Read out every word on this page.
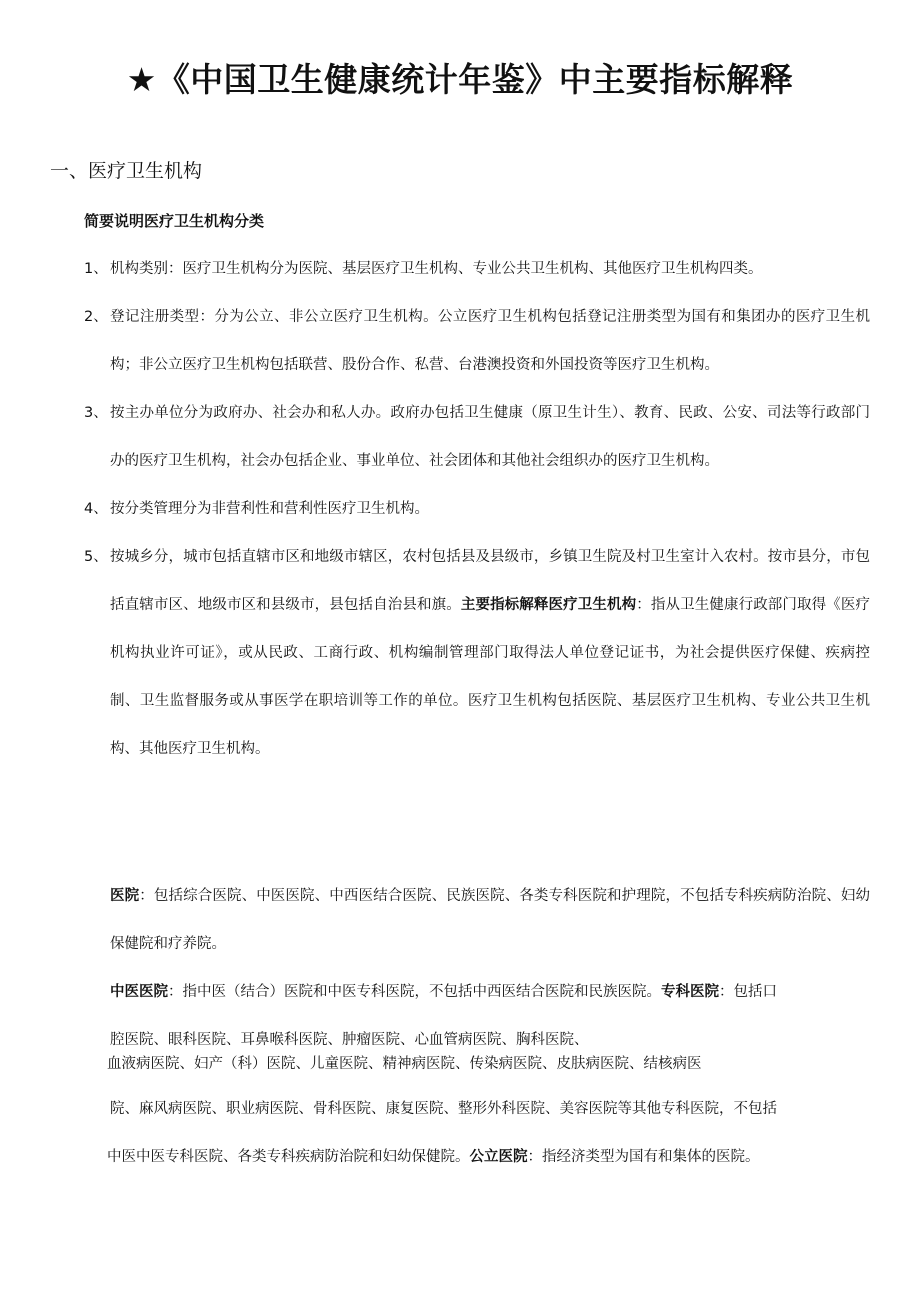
★《中国卫生健康统计年鉴》中主要指标解释
一、医疗卫生机构
简要说明医疗卫生机构分类
1、 机构类别：医疗卫生机构分为医院、基层医疗卫生机构、专业公共卫生机构、其他医疗卫生机构四类。
2、 登记注册类型：分为公立、非公立医疗卫生机构。公立医疗卫生机构包括登记注册类型为国有和集团办的医疗卫生机构；非公立医疗卫生机构包括联营、股份合作、私营、台港澳投资和外国投资等医疗卫生机构。
3、 按主办单位分为政府办、社会办和私人办。政府办包括卫生健康（原卫生计生）、教育、民政、公安、司法等行政部门办的医疗卫生机构，社会办包括企业、事业单位、社会团体和其他社会组织办的医疗卫生机构。
4、 按分类管理分为非营利性和营利性医疗卫生机构。
5、 按城乡分，城市包括直辖市区和地级市辖区，农村包括县及县级市，乡镇卫生院及村卫生室计入农村。按市县分，市包括直辖市区、地级市区和县级市，县包括自治县和旗。主要指标解释医疗卫生机构：指从卫生健康行政部门取得《医疗机构执业许可证》，或从民政、工商行政、机构编制管理部门取得法人单位登记证书，为社会提供医疗保健、疾病控制、卫生监督服务或从事医学在职培训等工作的单位。医疗卫生机构包括医院、基层医疗卫生机构、专业公共卫生机构、其他医疗卫生机构。

医院：包括综合医院、中医医院、中西医结合医院、民族医院、各类专科医院和护理院，不包括专科疾病防治院、妇幼保健院和疗养院。

中医医院：指中医（结合）医院和中医专科医院，不包括中西医结合医院和民族医院。专科医院：包括口
腔医院、眼科医院、耳鼻喉科医院、肿瘤医院、心血管病医院、胸科医院、

血液病医院、妇产（科）医院、儿童医院、精神病医院、传染病医院、皮肤病医院、结核病医
院、麻风病医院、职业病医院、骨科医院、康复医院、整形外科医院、美容医院等其他专科医院，不包括
中医中医专科医院、各类专科疾病防治院和妇幼保健院。公立医院：指经济类型为国有和集体的医院。
